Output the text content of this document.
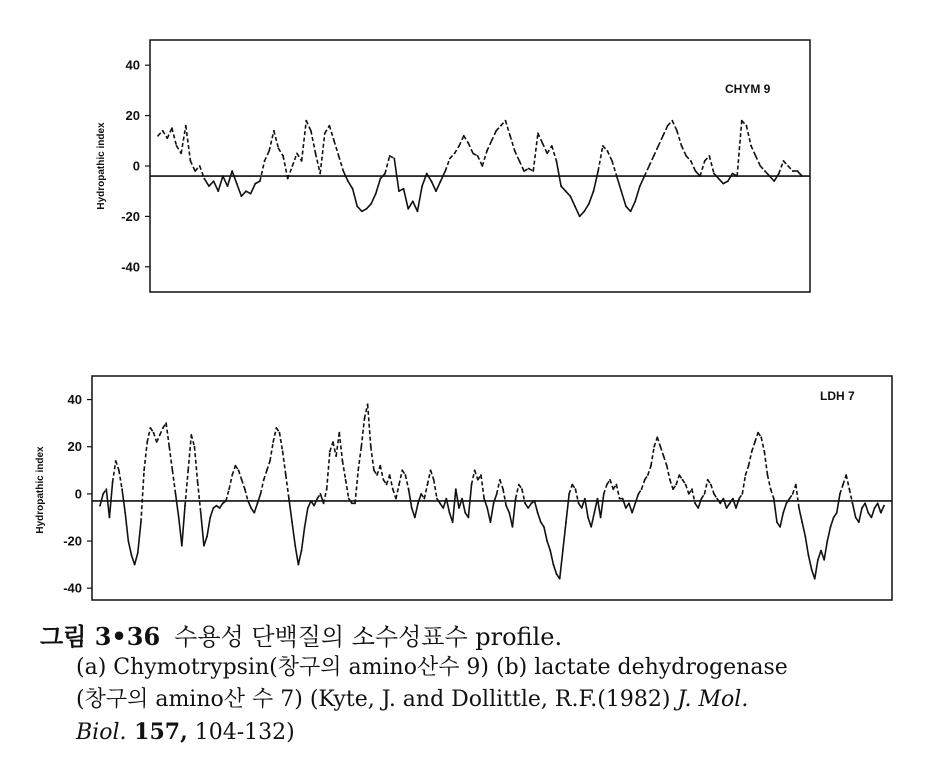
-40
-20
0
20
40
CHYM 9
Hydropathic index
-40
-20
0
20
40	LDH 7
Hydropathic index
그림 3•36 수용성 단백질의 소수성표수 profile.
(a) Chymotrypsin(창구의 amino산수 9) (b) lactate dehydrogenase
(창구의 amino산 수 7) (Kyte, J. and Dollittle, R.F.(1982) J. Mol.
Biol. 157, 104-132)
